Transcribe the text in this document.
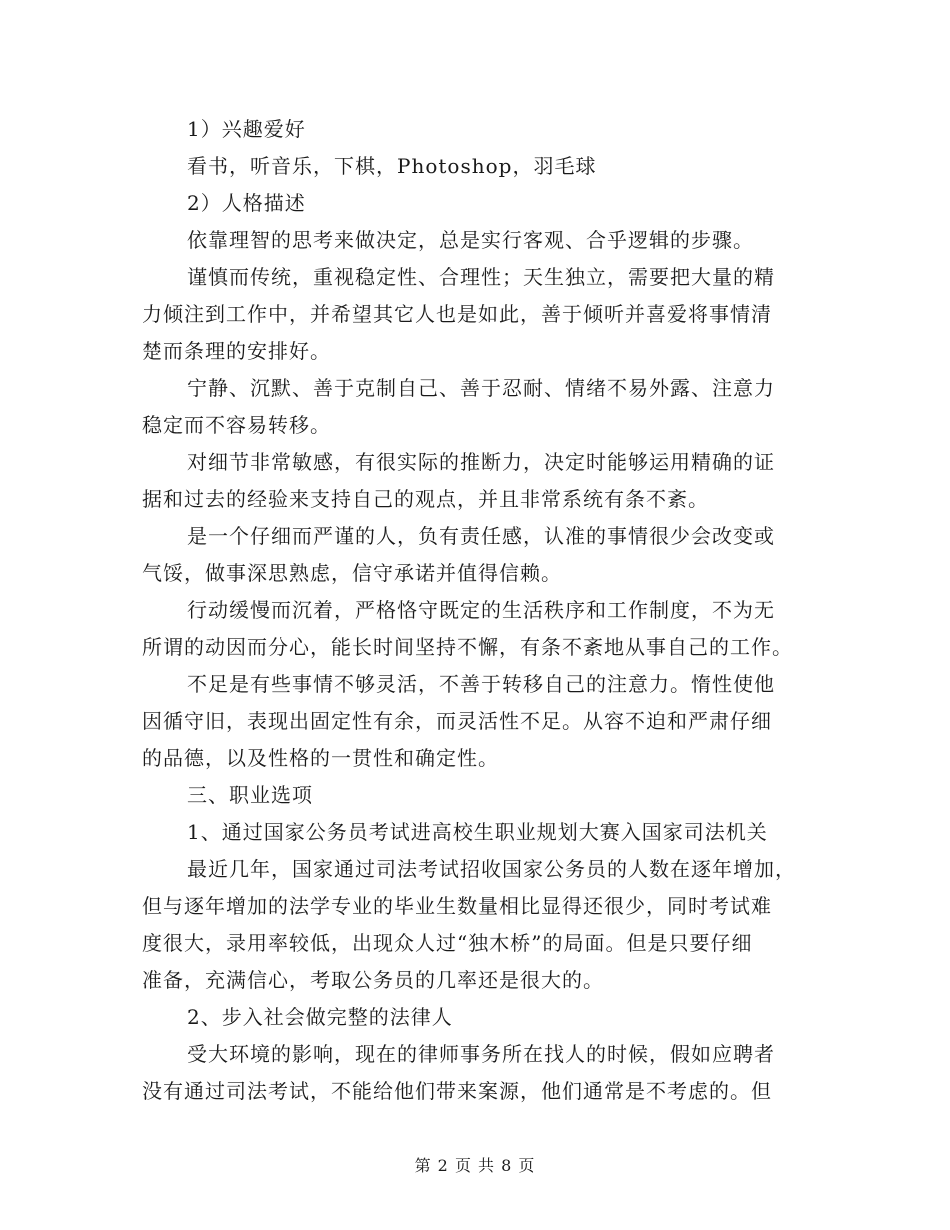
1）兴趣爱好
看书，听音乐，下棋，Photoshop，羽毛球
2）人格描述
依靠理智的思考来做决定，总是实行客观、合乎逻辑的步骤。
谨慎而传统，重视稳定性、合理性；天生独立，需要把大量的精
力倾注到工作中，并希望其它人也是如此，善于倾听并喜爱将事情清
楚而条理的安排好。
宁静、沉默、善于克制自己、善于忍耐、情绪不易外露、注意力
稳定而不容易转移。
对细节非常敏感，有很实际的推断力，决定时能够运用精确的证
据和过去的经验来支持自己的观点，并且非常系统有条不紊。
是一个仔细而严谨的人，负有责任感，认准的事情很少会改变或
气馁，做事深思熟虑，信守承诺并值得信赖。
行动缓慢而沉着，严格恪守既定的生活秩序和工作制度，不为无
所谓的动因而分心，能长时间坚持不懈，有条不紊地从事自己的工作。
不足是有些事情不够灵活，不善于转移自己的注意力。惰性使他
因循守旧，表现出固定性有余，而灵活性不足。从容不迫和严肃仔细
的品德，以及性格的一贯性和确定性。
三、职业选项
1、通过国家公务员考试进高校生职业规划大赛入国家司法机关
最近几年，国家通过司法考试招收国家公务员的人数在逐年增加，
但与逐年增加的法学专业的毕业生数量相比显得还很少，同时考试难
度很大，录用率较低，出现众人过“独木桥”的局面。但是只要仔细
准备，充满信心，考取公务员的几率还是很大的。
2、步入社会做完整的法律人
受大环境的影响，现在的律师事务所在找人的时候，假如应聘者
没有通过司法考试，不能给他们带来案源，他们通常是不考虑的。但
第 2 页 共 8 页
